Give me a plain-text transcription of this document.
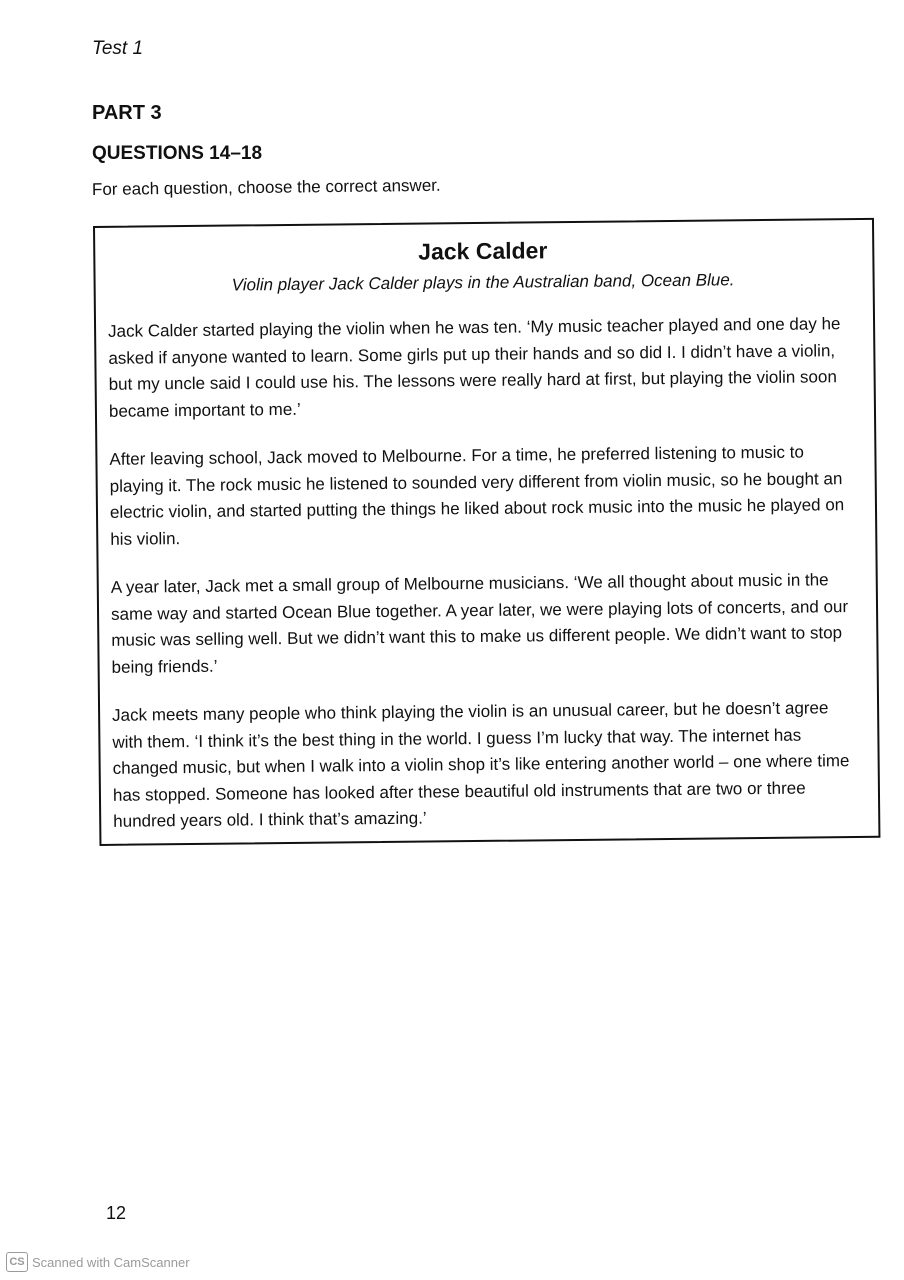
Test 1
PART 3
QUESTIONS 14–18
For each question, choose the correct answer.
Jack Calder

Violin player Jack Calder plays in the Australian band, Ocean Blue.

Jack Calder started playing the violin when he was ten. ‘My music teacher played and one day he asked if anyone wanted to learn. Some girls put up their hands and so did I. I didn’t have a violin, but my uncle said I could use his. The lessons were really hard at first, but playing the violin soon became important to me.’

After leaving school, Jack moved to Melbourne. For a time, he preferred listening to music to playing it. The rock music he listened to sounded very different from violin music, so he bought an electric violin, and started putting the things he liked about rock music into the music he played on his violin.

A year later, Jack met a small group of Melbourne musicians. ‘We all thought about music in the same way and started Ocean Blue together. A year later, we were playing lots of concerts, and our music was selling well. But we didn’t want this to make us different people. We didn’t want to stop being friends.’

Jack meets many people who think playing the violin is an unusual career, but he doesn’t agree with them. ‘I think it’s the best thing in the world. I guess I’m lucky that way. The internet has changed music, but when I walk into a violin shop it’s like entering another world – one where time has stopped. Someone has looked after these beautiful old instruments that are two or three hundred years old. I think that’s amazing.’

12
CS Scanned with CamScanner
